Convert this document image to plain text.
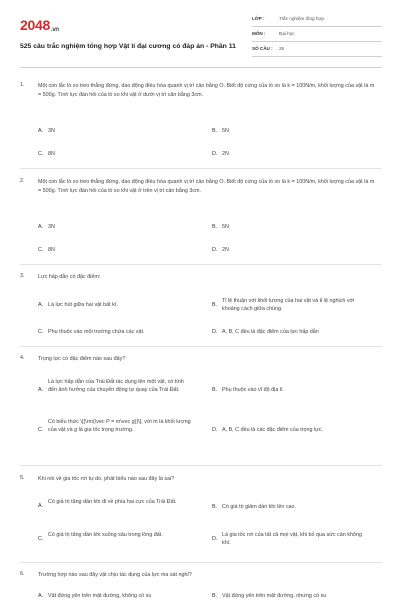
2048.vn
525 câu trắc nghiệm tổng hợp Vật lí đại cương có đáp án - Phần 11
LỚP :	Trắc nghiệm tổng hợp
MÔN :	Đại học
SỐ CÂU : 25
1.	Một con lắc lò xo treo thẳng đứng, dao động điều hòa quanh vị trí cân bằng O. Biết độ cứng của lò xo là k = 100N/m, khối lượng của vật là m = 500g. Tính lực đàn hồi của lò xo khi vật ở dưới vị trí cân bằng 3cm.
A. 3N	B. 5N
C. 8N	D. 2N
2.	Một con lắc lò xo treo thẳng đứng, dao động điều hòa quanh vị trí cân bằng O. Biết độ cứng của lò xo là k = 100N/m, khối lượng của vật là m = 500g. Tính lực đàn hồi của lò xo khi vật ở trên vị trí cân bằng 3cm.
A. 3N	B. 5N
C. 8N	D. 2N
3.	Lực hấp dẫn có đặc điểm:
A. Là lực hút giữa hai vật bất kì.	B.
Tỉ lệ thuận với khối lượng của hai vật và tỉ lệ nghịch với khoảng cách giữa chúng.
C. Phụ thuộc vào môi trường chứa các vật.	D. A, B, C đều là đặc điểm của lực hấp dẫn
4.	Trọng lực có đặc điểm nào sau đây?
A.
Là lực hấp dẫn của Trái Đất tác dụng lên một vật, có tính đến ảnh hưởng của chuyển động tự quay của Trái Đất.	B. Phụ thuộc vào vĩ độ địa lí.
C.
Có biểu thức \[{\rm{\vec P = m\vec g}}\], với m là khối lượng của vật và g là gia tốc trọng trường.	D. A, B, C đều là các đặc điểm của trọng lực.
5.	Khi nói về gia tốc rơi tự do, phát biểu nào sau đây là sai?
A.
Có giá trị tăng dần khi đi về phía hai cực của Trái Đất.
B. Có giá trị giảm dần khi lên cao.
C.
Có giá trị tăng dần khi xuống sâu trong lòng đất.
D.
Là gia tốc rơi của tất cả mọi vật, khi bỏ qua sức cản không khí.
6.	Trường hợp nào sau đây vật chịu tác dụng của lực ma sát nghỉ?
A. Vật đứng yên trên mặt đường, không có xu	B. Vật đứng yên trên mặt đường, nhưng có xu
